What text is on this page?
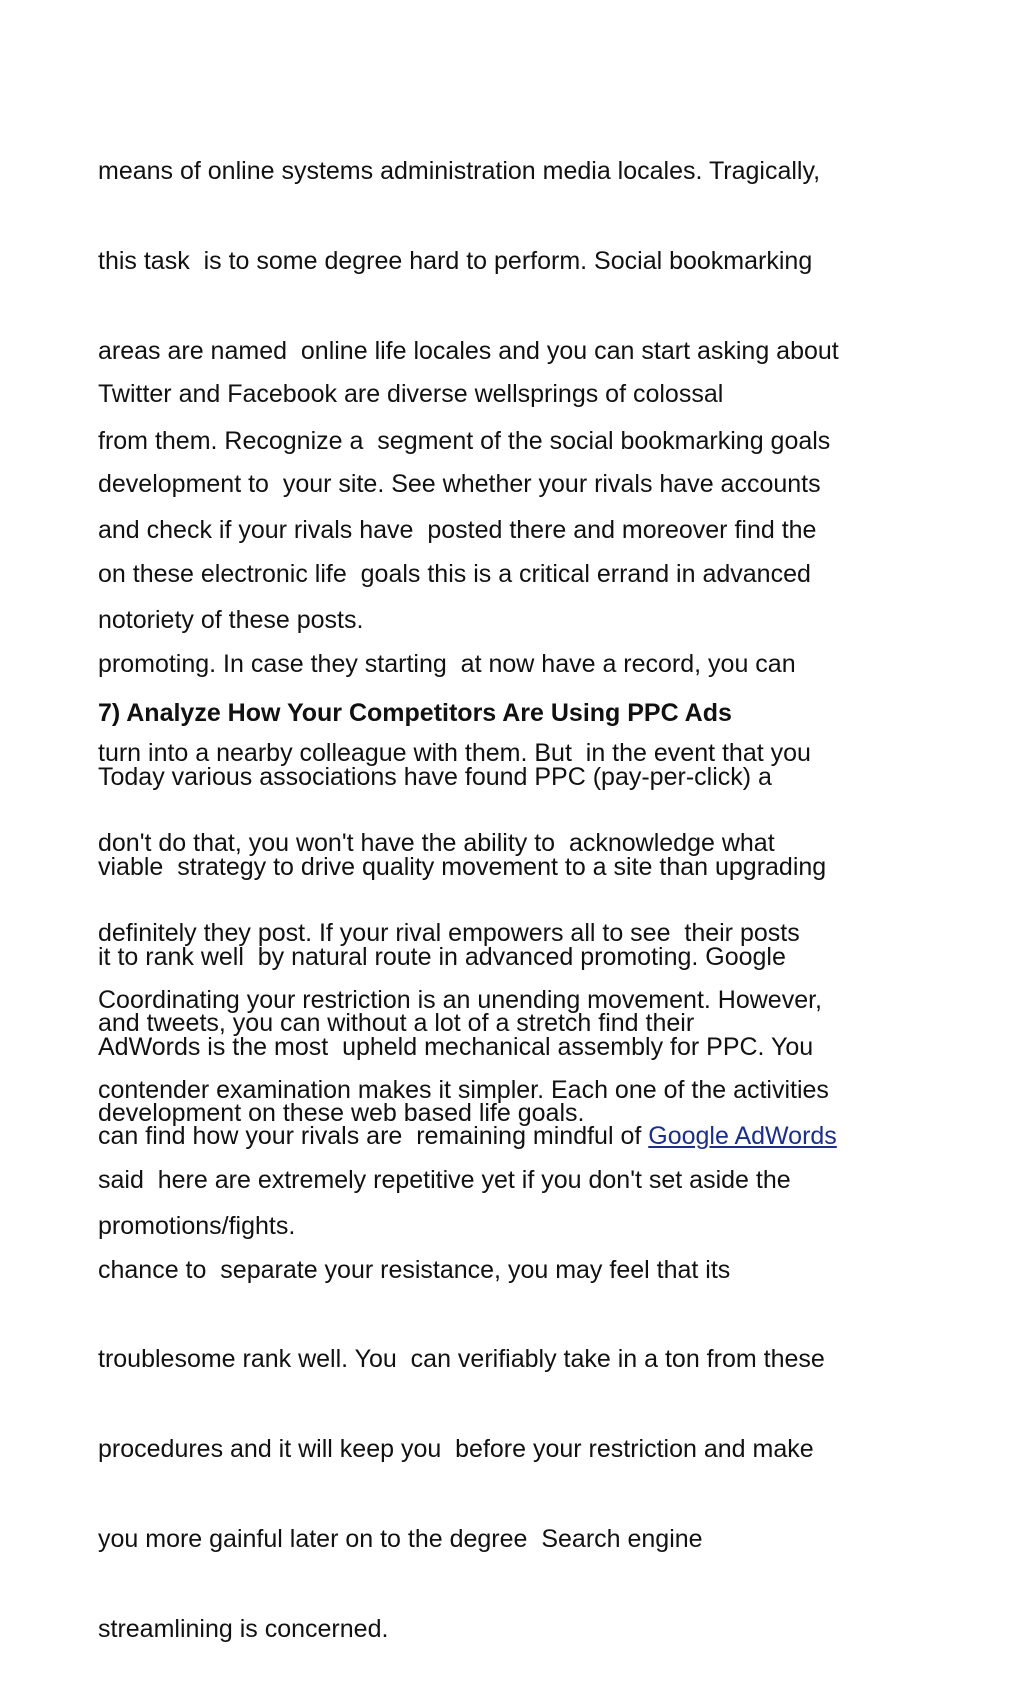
means of online systems administration media locales. Tragically,

this task  is to some degree hard to perform. Social bookmarking

areas are named  online life locales and you can start asking about

from them. Recognize a  segment of the social bookmarking goals

and check if your rivals have  posted there and moreover find the

notoriety of these posts.

Twitter and Facebook are diverse wellsprings of colossal

development to  your site. See whether your rivals have accounts

on these electronic life  goals this is a critical errand in advanced

promoting. In case they starting  at now have a record, you can

turn into a nearby colleague with them. But  in the event that you

don't do that, you won't have the ability to  acknowledge what

definitely they post. If your rival empowers all to see  their posts

and tweets, you can without a lot of a stretch find their

development on these web based life goals.

7) Analyze How Your Competitors Are Using PPC Ads

Today various associations have found PPC (pay-per-click) a

viable  strategy to drive quality movement to a site than upgrading

it to rank well  by natural route in advanced promoting. Google

AdWords is the most  upheld mechanical assembly for PPC. You

can find how your rivals are  remaining mindful of Google AdWords

promotions/fights.

Coordinating your restriction is an unending movement. However,

contender examination makes it simpler. Each one of the activities

said  here are extremely repetitive yet if you don't set aside the

chance to  separate your resistance, you may feel that its

troublesome rank well. You  can verifiably take in a ton from these

procedures and it will keep you  before your restriction and make

you more gainful later on to the degree  Search engine

streamlining is concerned.
